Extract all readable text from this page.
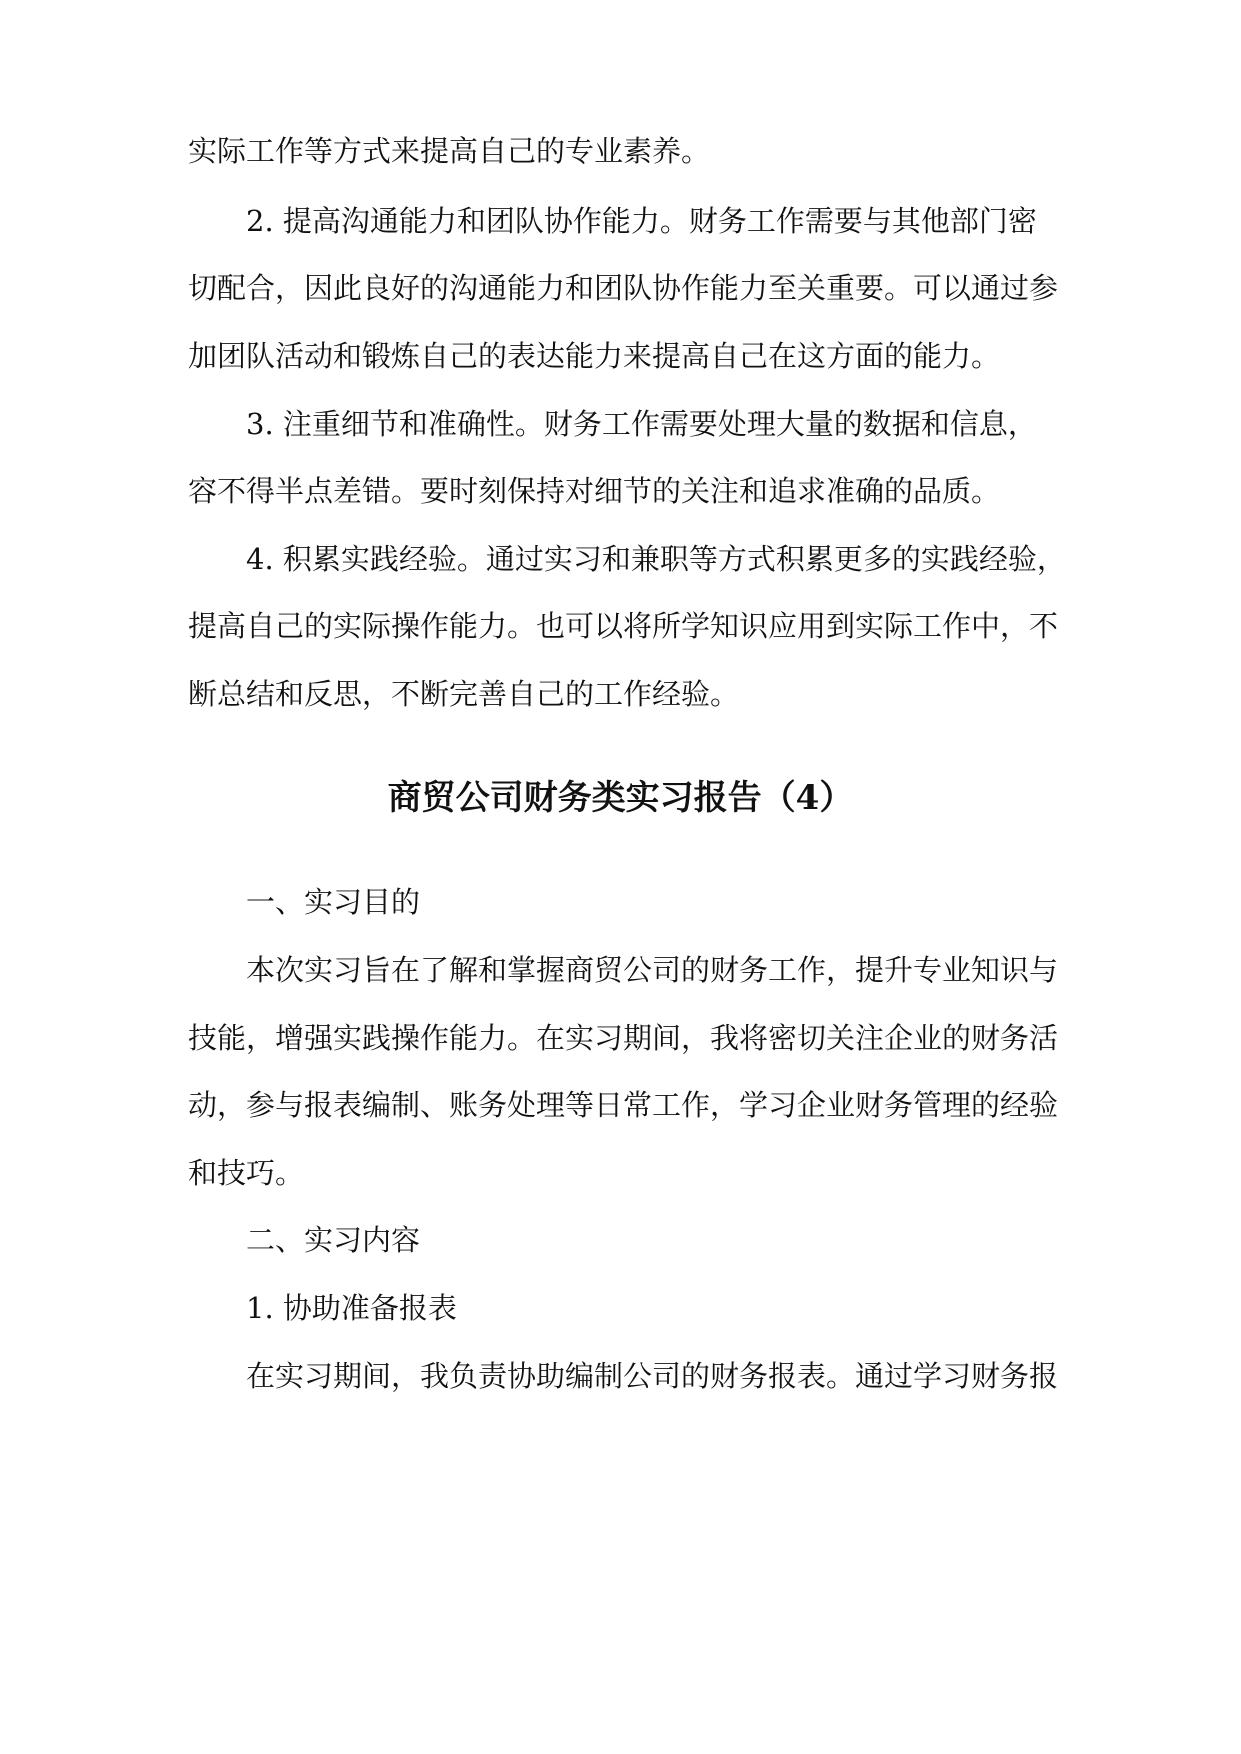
实际工作等方式来提高自己的专业素养。
2. 提高沟通能力和团队协作能力。财务工作需要与其他部门密
切配合，因此良好的沟通能力和团队协作能力至关重要。可以通过参
加团队活动和锻炼自己的表达能力来提高自己在这方面的能力。
3. 注重细节和准确性。财务工作需要处理大量的数据和信息，
容不得半点差错。要时刻保持对细节的关注和追求准确的品质。
4. 积累实践经验。通过实习和兼职等方式积累更多的实践经验，
提高自己的实际操作能力。也可以将所学知识应用到实际工作中，不
断总结和反思，不断完善自己的工作经验。
商贸公司财务类实习报告（4）
一、实习目的
本次实习旨在了解和掌握商贸公司的财务工作，提升专业知识与
技能，增强实践操作能力。在实习期间，我将密切关注企业的财务活
动，参与报表编制、账务处理等日常工作，学习企业财务管理的经验
和技巧。
二、实习内容
1. 协助准备报表
在实习期间，我负责协助编制公司的财务报表。通过学习财务报
